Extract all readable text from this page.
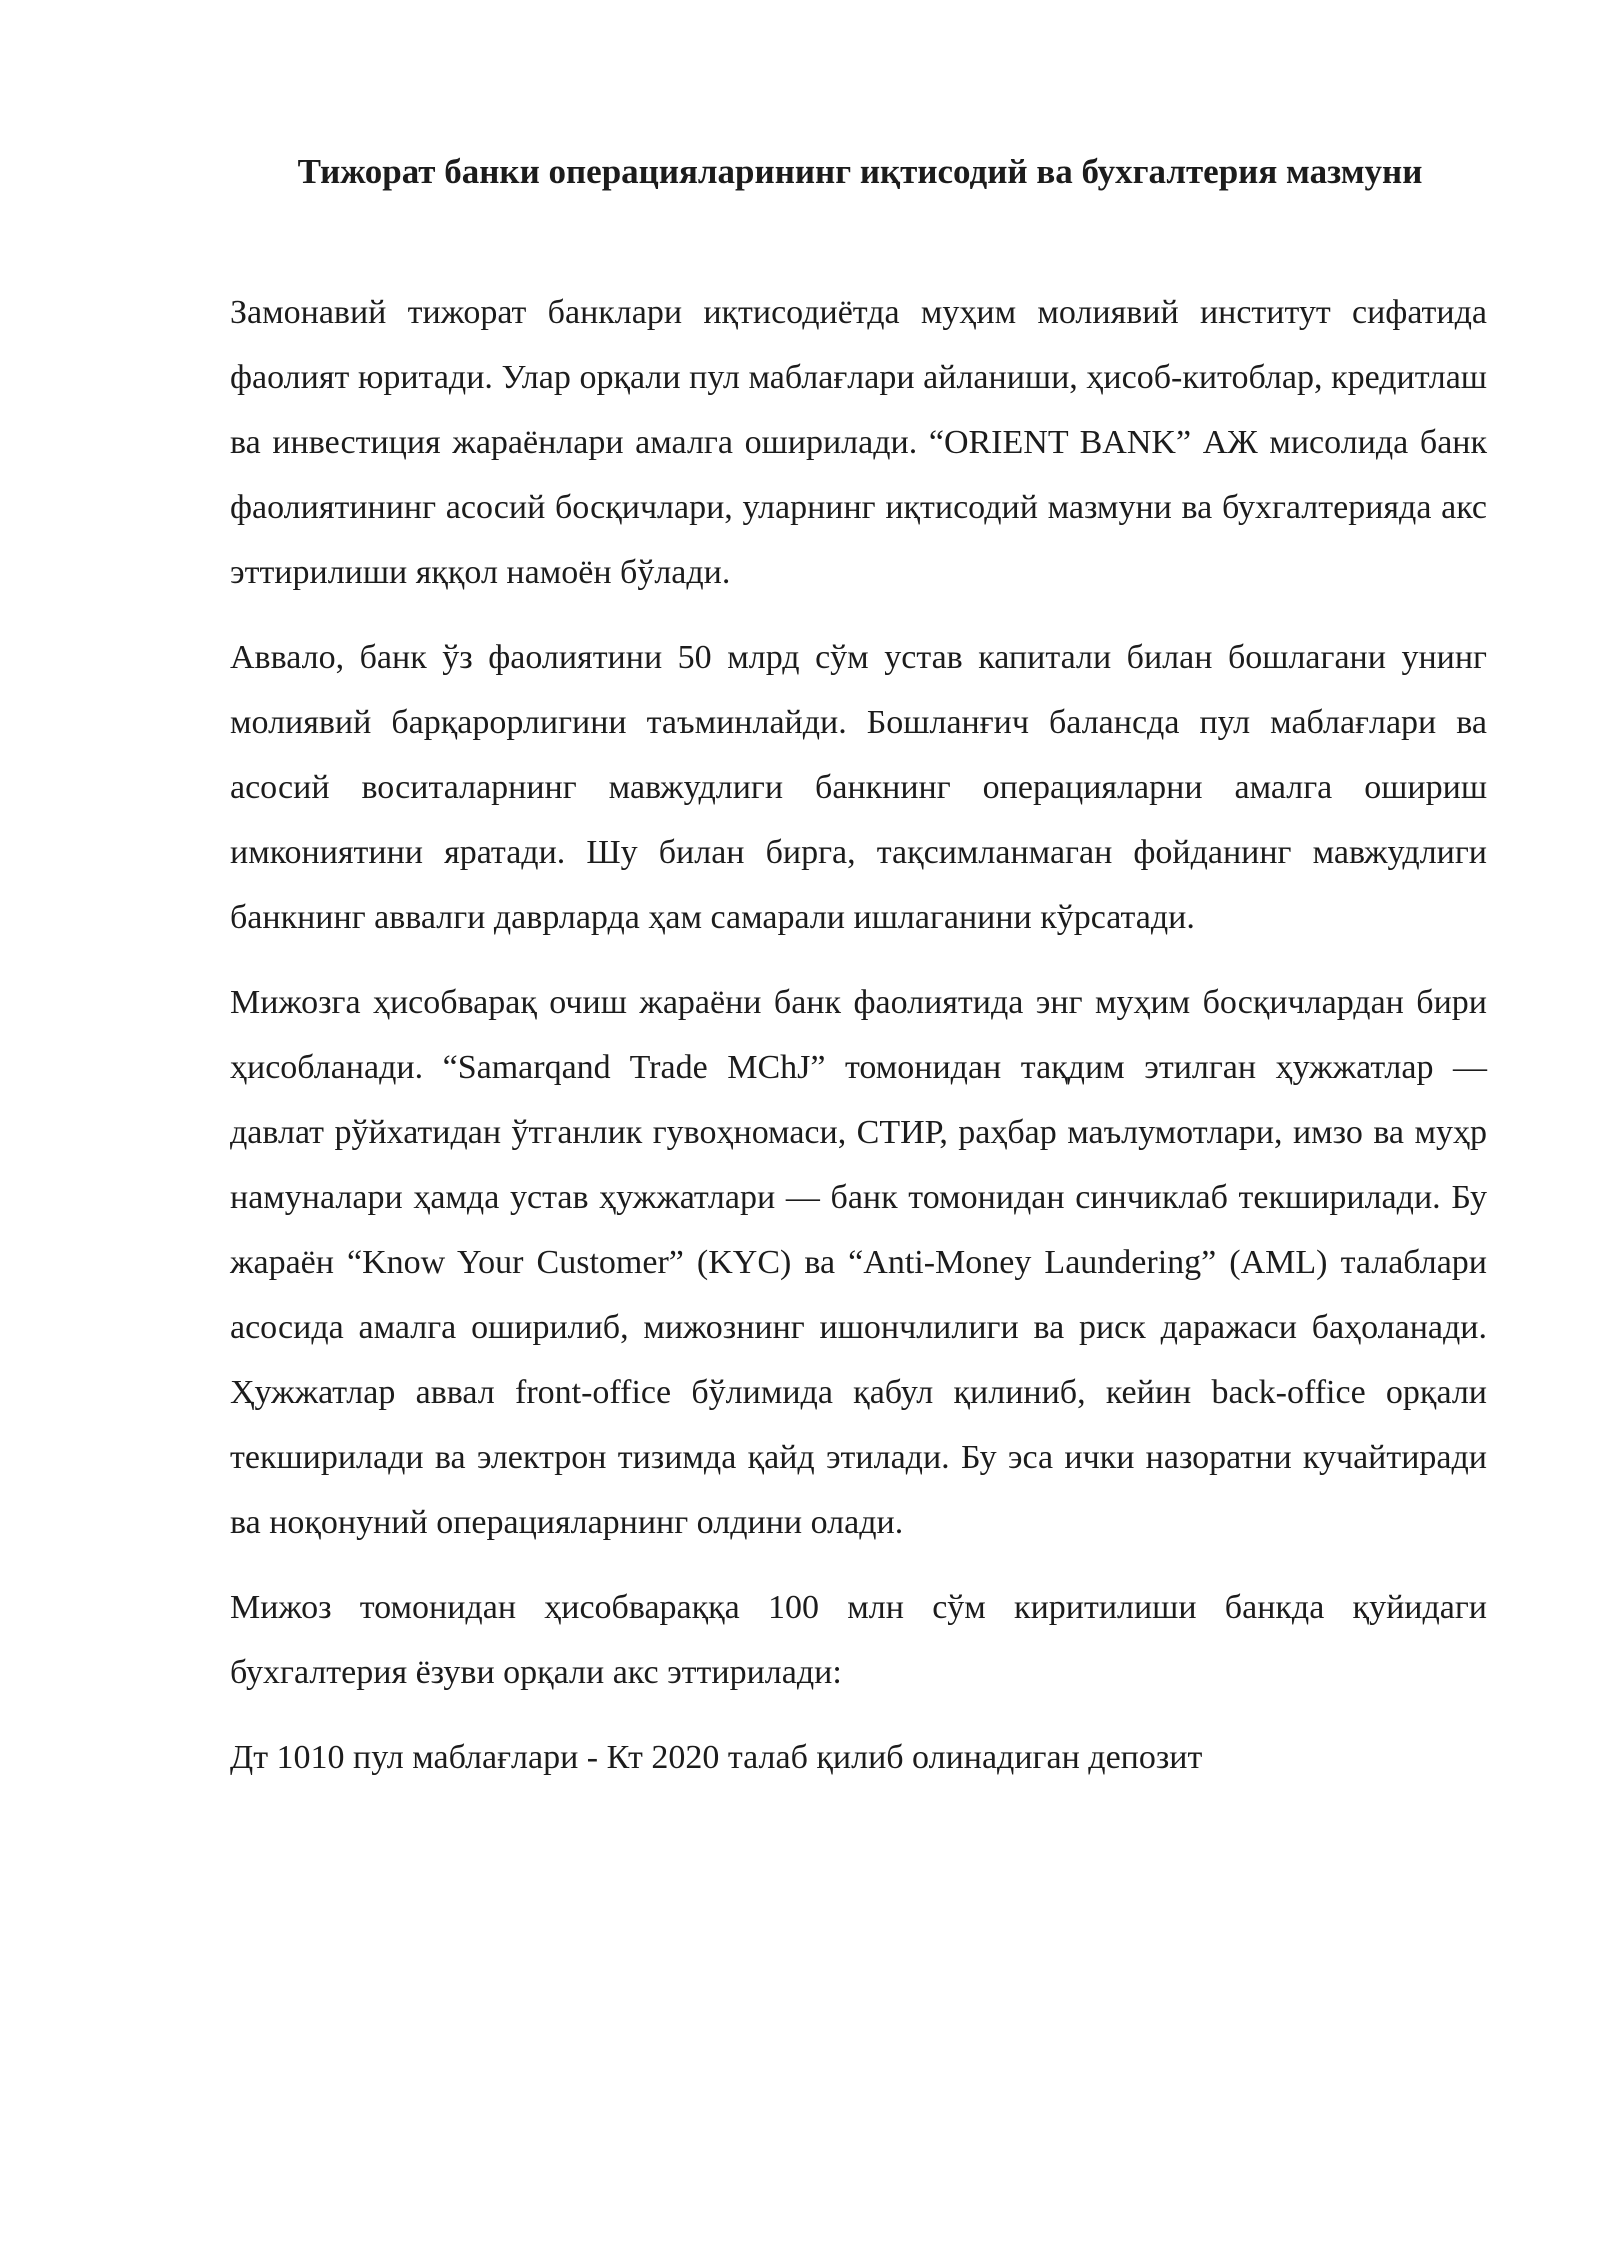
Тижорат банки операцияларининг иқтисодий ва бухгалтерия мазмуни

Замонавий тижорат банклари иқтисодиётда муҳим молиявий институт сифатида фаолият юритади. Улар орқали пул маблағлари айланиши, ҳисоб-китоблар, кредитлаш ва инвестиция жараёнлари амалга оширилади. “ORIENT BANK” АЖ мисолида банк фаолиятининг асосий босқичлари, уларнинг иқтисодий мазмуни ва бухгалтерияда акс эттирилиши яққол намоён бўлади.

Аввало, банк ўз фаолиятини 50 млрд сўм устав капитали билан бошлагани унинг молиявий барқарорлигини таъминлайди. Бошланғич балансда пул маблағлари ва асосий воситаларнинг мавжудлиги банкнинг операцияларни амалга ошириш имкониятини яратади. Шу билан бирга, тақсимланмаган фойданинг мавжудлиги банкнинг аввалги даврларда ҳам самарали ишлаганини кўрсатади.

Мижозга ҳисобварақ очиш жараёни банк фаолиятида энг муҳим босқичлардан бири ҳисобланади. “Samarqand Trade MChJ” томонидан тақдим этилган ҳужжатлар — давлат рўйхатидан ўтганлик гувоҳномаси, СТИР, раҳбар маълумотлари, имзо ва муҳр намуналари ҳамда устав ҳужжатлари — банк томонидан синчиклаб текширилади. Бу жараён “Know Your Customer” (KYC) ва “Anti-Money Laundering” (AML) талаблари асосида амалга оширилиб, мижознинг ишончлилиги ва риск даражаси баҳоланади. Ҳужжатлар аввал front-office бўлимида қабул қилиниб, кейин back-office орқали текширилади ва электрон тизимда қайд этилади. Бу эса ички назоратни кучайтиради ва ноқонуний операцияларнинг олдини олади.

Мижоз томонидан ҳисобварaққа 100 млн сўм киритилиши банкда қуйидаги бухгалтерия ёзуви орқали акс эттирилади:

Дт 1010 пул маблағлари - Кт 2020 талаб қилиб олинадиган депозит
